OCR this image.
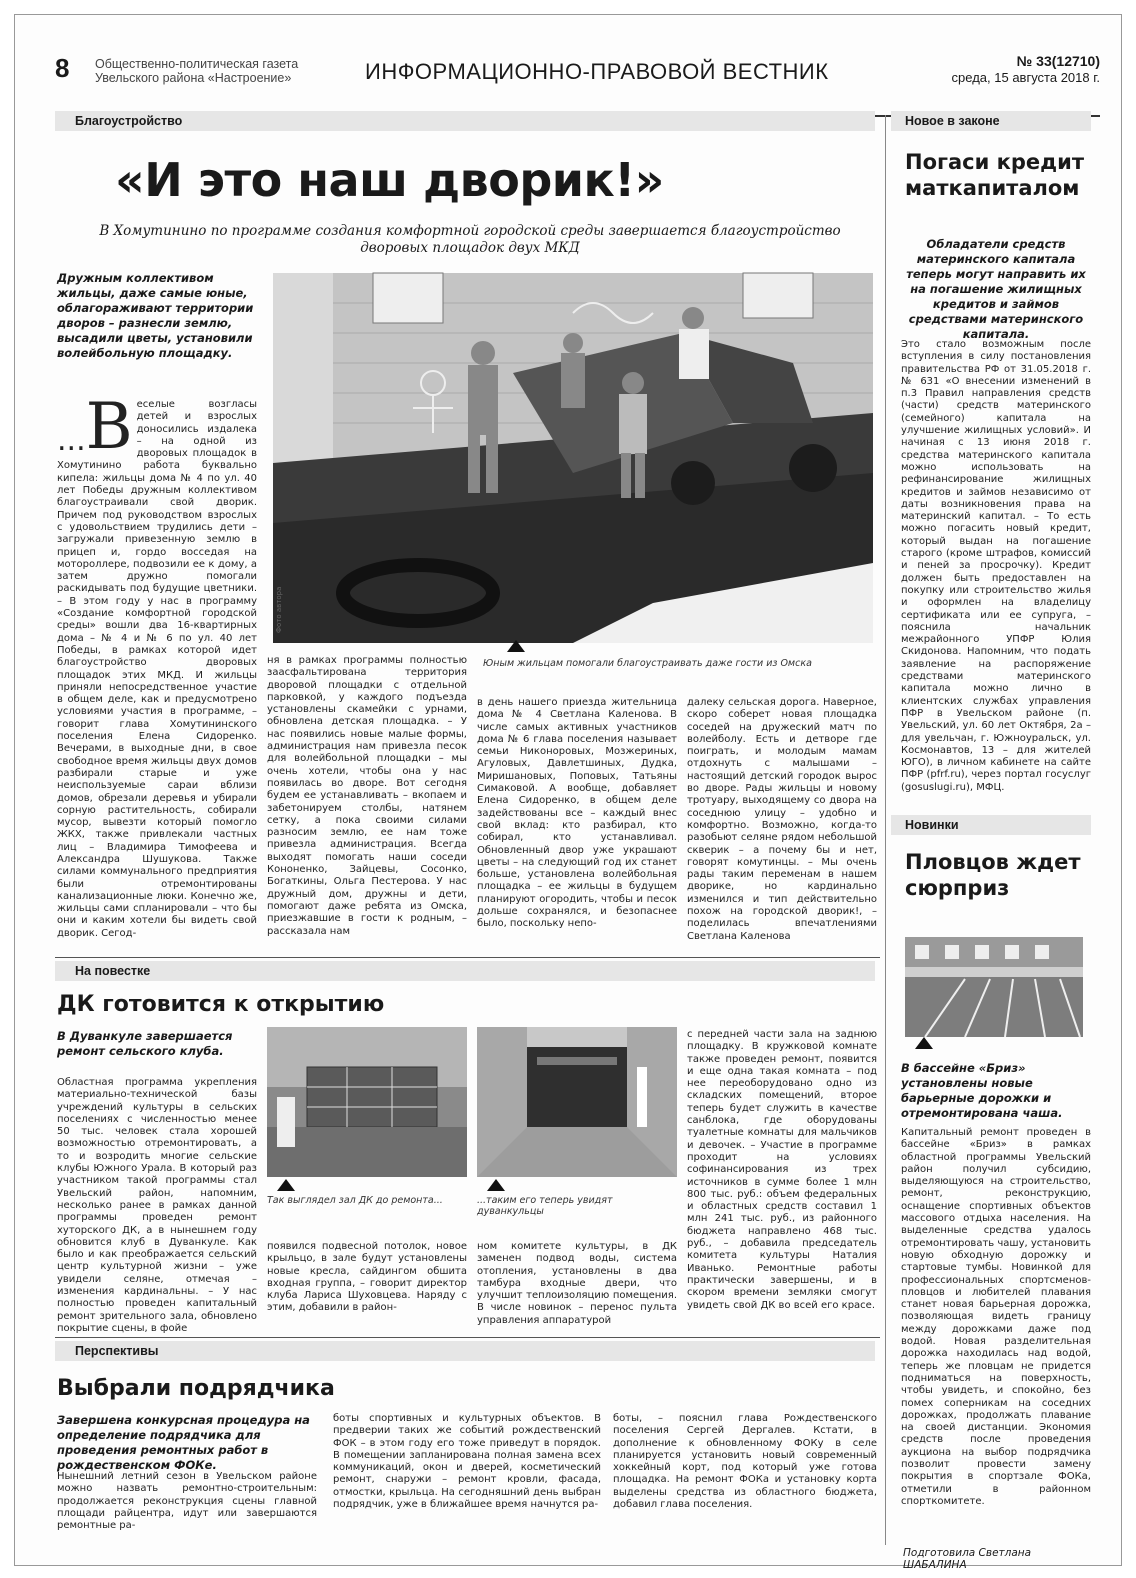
8 Общественно-политическая газета
Увельского района «Настроение»	ИНФОРМАЦИОННО-ПРАВОВОЙ ВЕСТНИК	№ 33(12710)
среда, 15 августа 2018 г.
Благоустройство
«И это наш дворик!»
В Хомутинино по программе создания комфортной городской среды завершается благоустройство дворовых площадок двух МКД
Дружным коллективом жильцы, даже самые юные, облагораживают территории дворов – разнесли землю, высадили цветы, установили волейбольную площадку.
Фото автора
Юным жильцам помогали благоустраивать даже гости из Омска
... В еселые возгласы детей и взрослых доносились издалека – на одной из дворовых площадок в Хомутинино работа буквально кипела: жильцы дома № 4 по ул. 40 лет Победы дружным коллективом благоустраивали свой дворик. Причем под руководством взрослых с удовольствием трудились дети – загружали привезенную землю в прицеп и, гордо восседая на мотороллере, подвозили ее к дому, а затем дружно помогали раскидывать под будущие цветники. – В этом году у нас в программу «Создание комфортной городской среды» вошли два 16-квартирных дома – № 4 и № 6 по ул. 40 лет Победы, в рамках которой идет благоустройство дворовых площадок этих МКД. И жильцы приняли непосредственное участие в общем деле, как и предусмотрено условиями участия в программе, – говорит глава Хомутининского поселения Елена Сидоренко. Вечерами, в выходные дни, в свое свободное время жильцы двух домов разбирали старые и уже неиспользуемые сараи вблизи домов, обрезали деревья и убирали сорную растительность, собирали мусор, вывезти который помогло ЖКХ, также привлекали частных лиц – Владимира Тимофеева и Александра Шушукова. Также силами коммунального предприятия были отремонтированы канализационные люки. Конечно же, жильцы сами спланировали – что бы они и каким хотели бы видеть свой дворик. Сегод-
ня в рамках программы полностью заасфальтирована территория дворовой площадки с отдельной парковкой, у каждого подъезда установлены скамейки с урнами, обновлена детская площадка. – У нас появились новые малые формы, администрация нам привезла песок для волейбольной площадки – мы очень хотели, чтобы она у нас появилась во дворе. Вот сегодня будем ее устанавливать – вкопаем и забетонируем столбы, натянем сетку, а пока своими силами разносим землю, ее нам тоже привезла администрация. Всегда выходят помогать наши соседи Кононенко, Зайцевы, Сосонко, Богаткины, Ольга Пестерова. У нас дружный дом, дружны и дети, помогают даже ребята из Омска, приезжавшие в гости к родным, – рассказала нам
в день нашего приезда жительница дома № 4 Светлана Каленова. В числе самых активных участников дома № 6 глава поселения называет семьи Никоноровых, Мозжериных, Агуловых, Давлетшиных, Дудка, Миришановых, Поповых, Татьяны Симаковой. А вообще, добавляет Елена Сидоренко, в общем деле задействованы все – каждый внес свой вклад: кто разбирал, кто собирал, кто устанавливал. Обновленный двор уже украшают цветы – на следующий год их станет больше, установлена волейбольная площадка – ее жильцы в будущем планируют огородить, чтобы и песок дольше сохранялся, и безопаснее было, поскольку непо-
далеку сельская дорога. Наверное, скоро соберет новая площадка соседей на дружеский матч по волейболу. Есть и детворе где поиграть, и молодым мамам отдохнуть с малышами – настоящий детский городок вырос во дворе. Рады жильцы и новому тротуару, выходящему со двора на соседнюю улицу – удобно и комфортно. Возможно, когда-то разобьют селяне рядом небольшой скверик – а почему бы и нет, говорят комутинцы. – Мы очень рады таким переменам в нашем дворике, но кардинально изменился и тип действительно похож на городской дворик!, – поделилась впечатлениями Светлана Каленова
На повестке
ДК готовится к открытию
В Дуванкуле завершается ремонт сельского клуба.
Так выглядел зал ДК до ремонта...	...таким его теперь увидят дуванкульцы
Областная программа укрепления материально-технической базы учреждений культуры в сельских поселениях с численностью менее 50 тыс. человек стала хорошей возможностью отремонтировать, а то и возродить многие сельские клубы Южного Урала. В который раз участником такой программы стал Увельский район, напомним, несколько ранее в рамках данной программы проведен ремонт хуторского ДК, а в нынешнем году обновится клуб в Дуванкуле. Как было и как преображается сельский центр культурной жизни – уже увидели селяне, отмечая – изменения кардинальны. – У нас полностью проведен капитальный ремонт зрительного зала, обновлено покрытие сцены, в фойе
появился подвесной потолок, новое крыльцо, в зале будут установлены новые кресла, сайдингом обшита входная группа, – говорит директор клуба Лариса Шуховцева. Наряду с этим, добавили в район-
ном комитете культуры, в ДК заменен подвод воды, система отопления, установлены в два тамбура входные двери, что улучшит теплоизоляцию помещения. В числе новинок – перенос пульта управления аппаратурой
с передней части зала на заднюю площадку. В кружковой комнате также проведен ремонт, появится и еще одна такая комната – под нее переоборудовано одно из складских помещений, второе теперь будет служить в качестве санблока, где оборудованы туалетные комнаты для мальчиков и девочек. – Участие в программе проходит на условиях софинансирования из трех источников в сумме более 1 млн 800 тыс. руб.: объем федеральных и областных средств составил 1 млн 241 тыс. руб., из районного бюджета направлено 468 тыс. руб., – добавила председатель комитета культуры Наталия Иванько. Ремонтные работы практически завершены, и в скором времени земляки смогут увидеть свой ДК во всей его красе.
Перспективы
Выбрали подрядчика
Завершена конкурсная процедура на определение подрядчика для проведения ремонтных работ в рождественском ФОКе.
Нынешний летний сезон в Увельском районе можно назвать ремонтно-строительным: продолжается реконструкция сцены главной площади райцентра, идут или завершаются ремонтные ра-
боты спортивных и культурных объектов. В предверии таких же событий рождественский ФОК – в этом году его тоже приведут в порядок. В помещении запланирована полная замена всех коммуникаций, окон и дверей, косметический ремонт, снаружи – ремонт кровли, фасада, отмостки, крыльца. На сегодняшний день выбран подрядчик, уже в ближайшее время начнутся ра-
боты, – пояснил глава Рождественского поселения Сергей Дергалев. Кстати, в дополнение к обновленному ФОКу в селе планируется установить новый современный хоккейный корт, под который уже готова площадка. На ремонт ФОКа и установку корта выделены средства из областного бюджета, добавил глава поселения.
Новое в законе
Погаси кредит маткапиталом
Обладатели средств материнского капитала теперь могут направить их на погашение жилищных кредитов и займов средствами материнского капитала.
Это стало возможным после вступления в силу постановления правительства РФ от 31.05.2018 г. № 631 «О внесении изменений в п.3 Правил направления средств (части) средств материнского (семейного) капитала на улучшение жилищных условий». И начиная с 13 июня 2018 г. средства материнского капитала можно использовать на рефинансирование жилищных кредитов и займов независимо от даты возникновения права на материнский капитал. – То есть можно погасить новый кредит, который выдан на погашение старого (кроме штрафов, комиссий и пеней за просрочку). Кредит должен быть предоставлен на покупку или строительство жилья и оформлен на владелицу сертификата или ее супруга, – пояснила начальник межрайонного УПФР Юлия Скидонова. Напомним, что подать заявление на распоряжение средствами материнского капитала можно лично в клиентских службах управления ПФР в Увельском районе (п. Увельский, ул. 60 лет Октября, 2а – для увельчан, г. Южноуральск, ул. Космонавтов, 13 – для жителей ЮГО), в личном кабинете на сайте ПФР (pfrf.ru), через портал госуслуг (gosuslugi.ru), МФЦ.
Новинки
Пловцов ждет сюрприз
В бассейне «Бриз» установлены новые барьерные дорожки и отремонтирована чаша.
Капитальный ремонт проведен в бассейне «Бриз» в рамках областной программы Увельский район получил субсидию, выделяющуюся на строительство, ремонт, реконструкцию, оснащение спортивных объектов массового отдыха населения. На выделенные средства удалось отремонтировать чашу, установить новую обходную дорожку и стартовые тумбы. Новинкой для профессиональных спортсменов-пловцов и любителей плавания станет новая барьерная дорожка, позволяющая видеть границу между дорожками даже под водой. Новая разделительная дорожка находилась над водой, теперь же пловцам не придется подниматься на поверхность, чтобы увидеть, и спокойно, без помех соперникам на соседних дорожках, продолжать плавание на своей дистанции. Экономия средств после проведения аукциона на выбор подрядчика позволит провести замену покрытия в спортзале ФОКа, отметили в районном спорткомитете.
Подготовила Светлана ШАБАЛИНА
